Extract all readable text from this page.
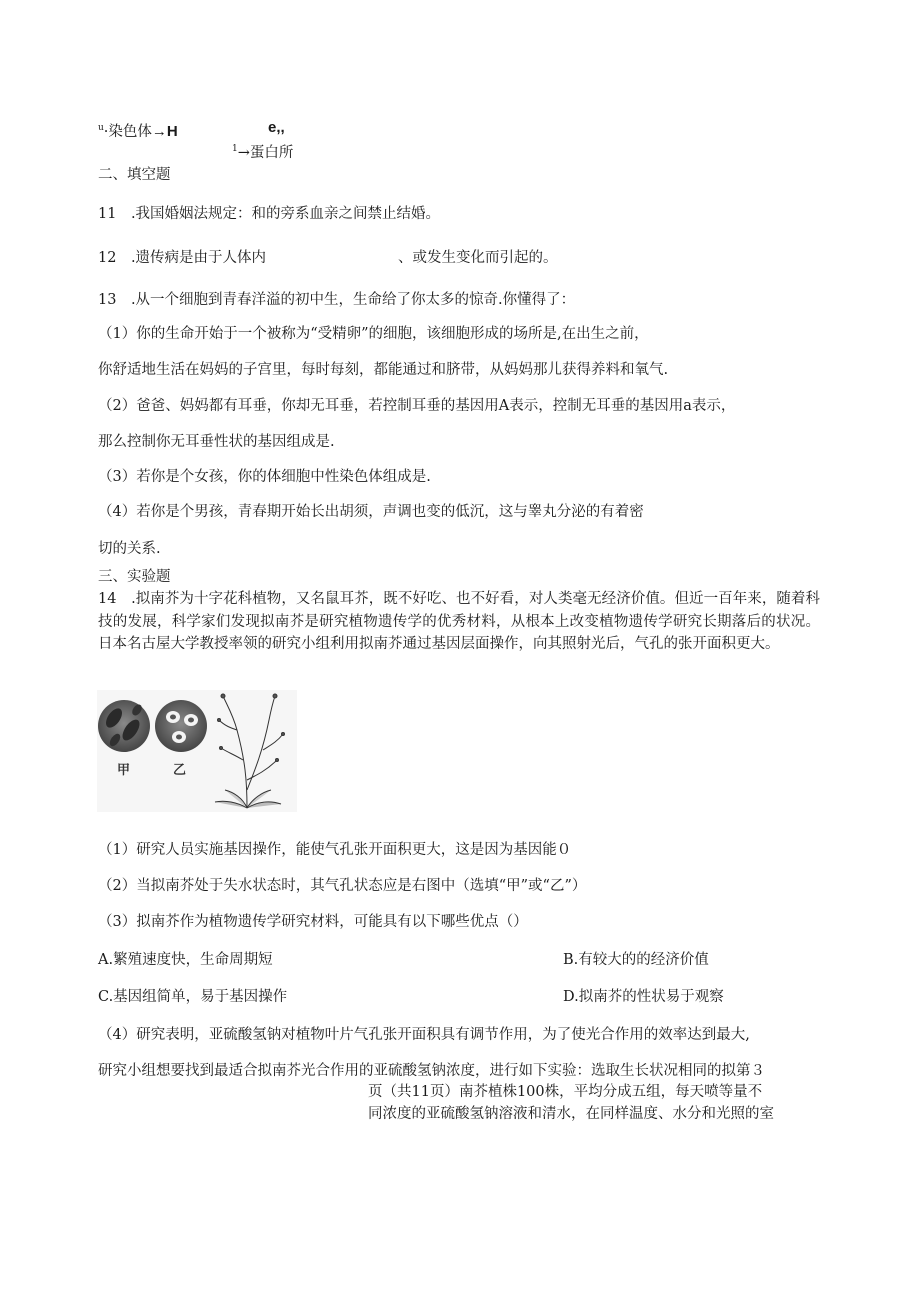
$^u$·染色体→H	e,,
$^1$→蛋白所
二、填空题
11　.我国婚姻法规定：和的旁系血亲之间禁止结婚。
12　.遗传病是由于人体内	、或发生变化而引起的。
13　.从一个细胞到青春洋溢的初中生，生命给了你太多的惊奇.你懂得了：
（1）你的生命开始于一个被称为“受精卵”的细胞，该细胞形成的场所是,在出生之前，
你舒适地生活在妈妈的子宫里，每时每刻，都能通过和脐带，从妈妈那儿获得养料和氧气.
（2）爸爸、妈妈都有耳垂，你却无耳垂，若控制耳垂的基因用A表示，控制无耳垂的基因用a表示，
那么控制你无耳垂性状的基因组成是.
（3）若你是个女孩，你的体细胞中性染色体组成是.
（4）若你是个男孩，青春期开始长出胡须，声调也变的低沉，这与睾丸分泌的有着密
切的关系.
三、实验题
14　.拟南芥为十字花科植物，又名鼠耳芥，既不好吃、也不好看，对人类毫无经济价值。但近一百年来，随着科技的发展，科学家们发现拟南芥是研究植物遗传学的优秀材料，从根本上改变植物遗传学研究长期落后的状况。日本名古屋大学教授率领的研究小组利用拟南芥通过基因层面操作，向其照射光后，气孔的张开面积更大。
甲	乙
（1）研究人员实施基因操作，能使气孔张开面积更大，这是因为基因能０
（2）当拟南芥处于失水状态时，其气孔状态应是右图中（选填“甲”或“乙”）
（3）拟南芥作为植物遗传学研究材料，可能具有以下哪些优点（）
A.繁殖速度快，生命周期短	B.有较大的的经济价值
C.基因组简单，易于基因操作	D.拟南芥的性状易于观察
（4）研究表明，亚硫酸氢钠对植物叶片气孔张开面积具有调节作用，为了使光合作用的效率达到最大,
研究小组想要找到最适合拟南芥光合作用的亚硫酸氢钠浓度，进行如下实验：选取生长状况相同的拟第３
页（共11页）南芥植株100株，平均分成五组，每天喷等量不
同浓度的亚硫酸氢钠溶液和清水，在同样温度、水分和光照的室
